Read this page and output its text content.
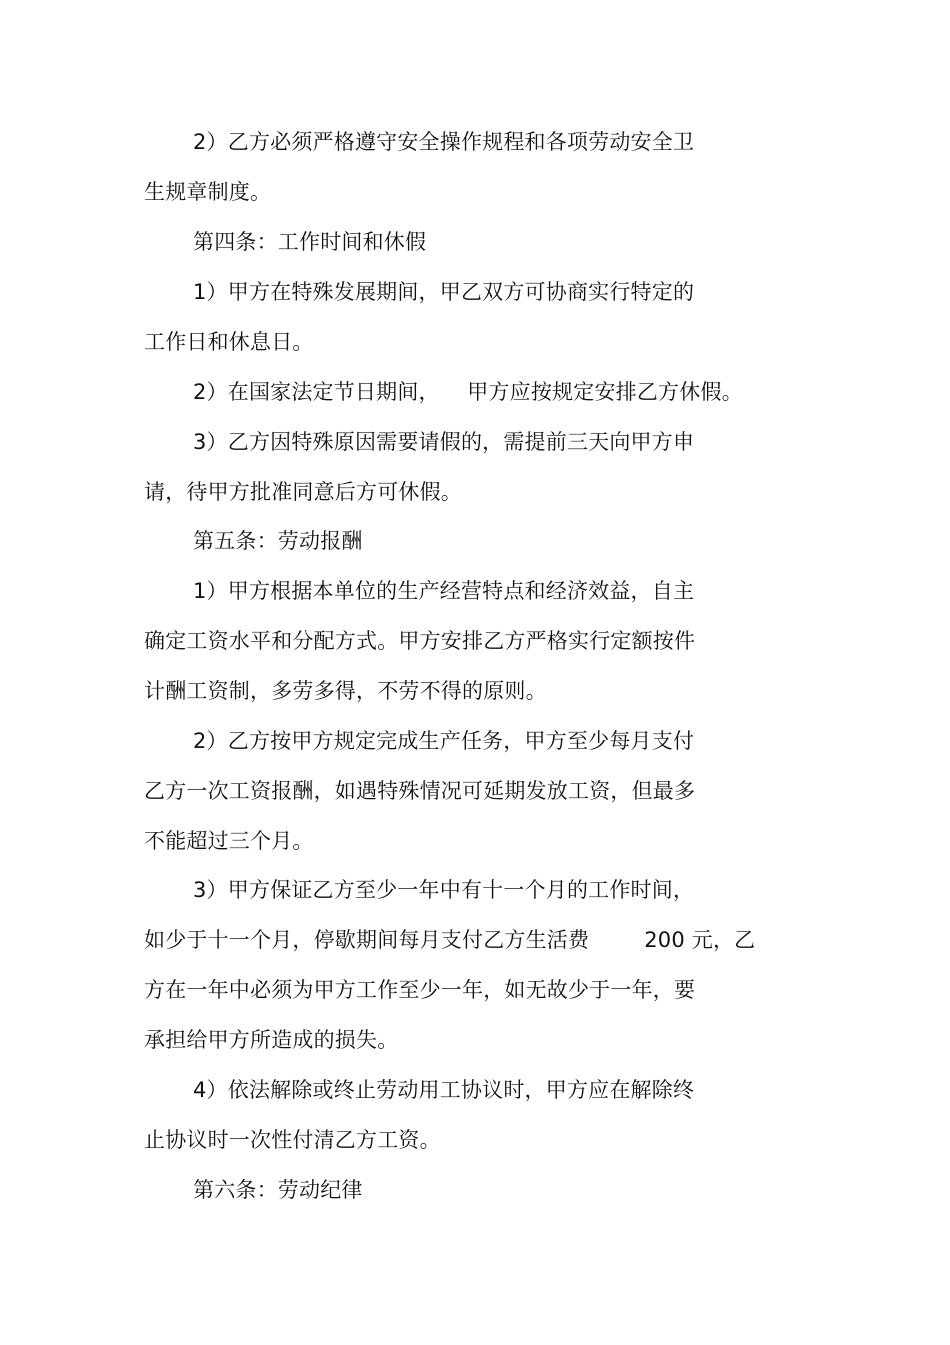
2）乙方必须严格遵守安全操作规程和各项劳动安全卫
生规章制度。
第四条：工作时间和休假
1）甲方在特殊发展期间，甲乙双方可协商实行特定的
工作日和休息日。
2）在国家法定节日期间，    甲方应按规定安排乙方休假。
3）乙方因特殊原因需要请假的，需提前三天向甲方申
请，待甲方批准同意后方可休假。
第五条：劳动报酬
1）甲方根据本单位的生产经营特点和经济效益，自主
确定工资水平和分配方式。甲方安排乙方严格实行定额按件
计酬工资制，多劳多得，不劳不得的原则。
2）乙方按甲方规定完成生产任务，甲方至少每月支付
乙方一次工资报酬，如遇特殊情况可延期发放工资，但最多
不能超过三个月。
3）甲方保证乙方至少一年中有十一个月的工作时间，
如少于十一个月，停歇期间每月支付乙方生活费        200 元，乙
方在一年中必须为甲方工作至少一年，如无故少于一年，要
承担给甲方所造成的损失。
4）依法解除或终止劳动用工协议时，甲方应在解除终
止协议时一次性付清乙方工资。
第六条：劳动纪律
